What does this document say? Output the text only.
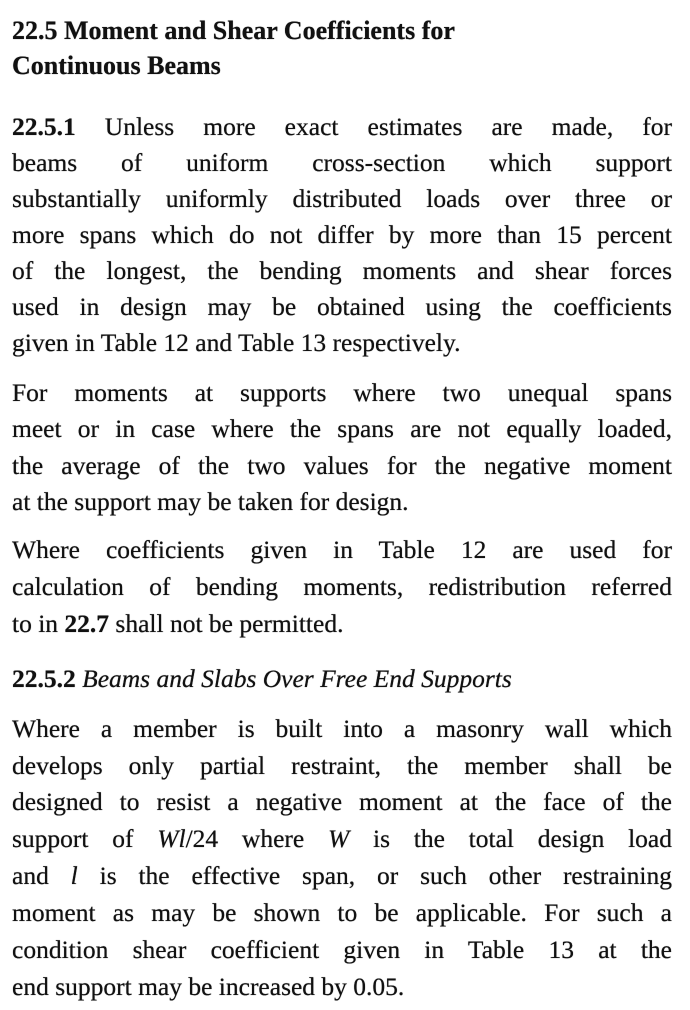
22.5 Moment and Shear Coefficients for
Continuous Beams
22.5.1 Unless more exact estimates are made, for
beams of uniform cross-section which support
substantially uniformly distributed loads over three or
more spans which do not differ by more than 15 percent
of the longest, the bending moments and shear forces
used in design may be obtained using the coefficients
given in Table 12 and Table 13 respectively.
For moments at supports where two unequal spans
meet or in case where the spans are not equally loaded,
the average of the two values for the negative moment
at the support may be taken for design.
Where coefficients given in Table 12 are used for
calculation of bending moments, redistribution referred
to in 22.7 shall not be permitted.
22.5.2 Beams and Slabs Over Free End Supports
Where a member is built into a masonry wall which
develops only partial restraint, the member shall be
designed to resist a negative moment at the face of the
support of Wl/24 where W is the total design load
and l is the effective span, or such other restraining
moment as may be shown to be applicable. For such a
condition shear coefficient given in Table 13 at the
end support may be increased by 0.05.
